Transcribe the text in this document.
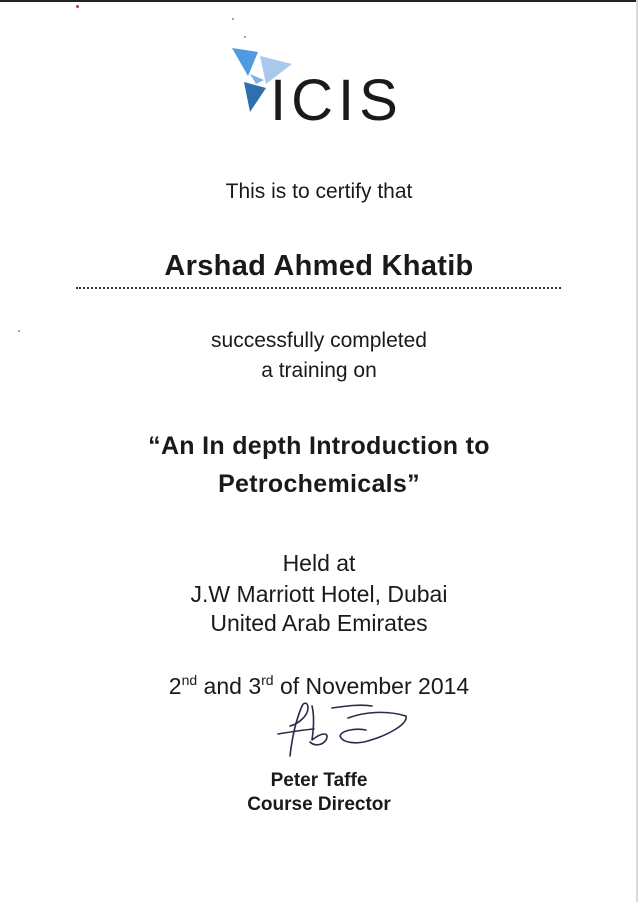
ICIS
This is to certify that
Arshad Ahmed Khatib
successfully completed
a training on
“An In depth Introduction to
Petrochemicals”
Held at
J.W Marriott Hotel, Dubai
United Arab Emirates
2nd and 3rd of November 2014
Peter Taffe
Course Director
